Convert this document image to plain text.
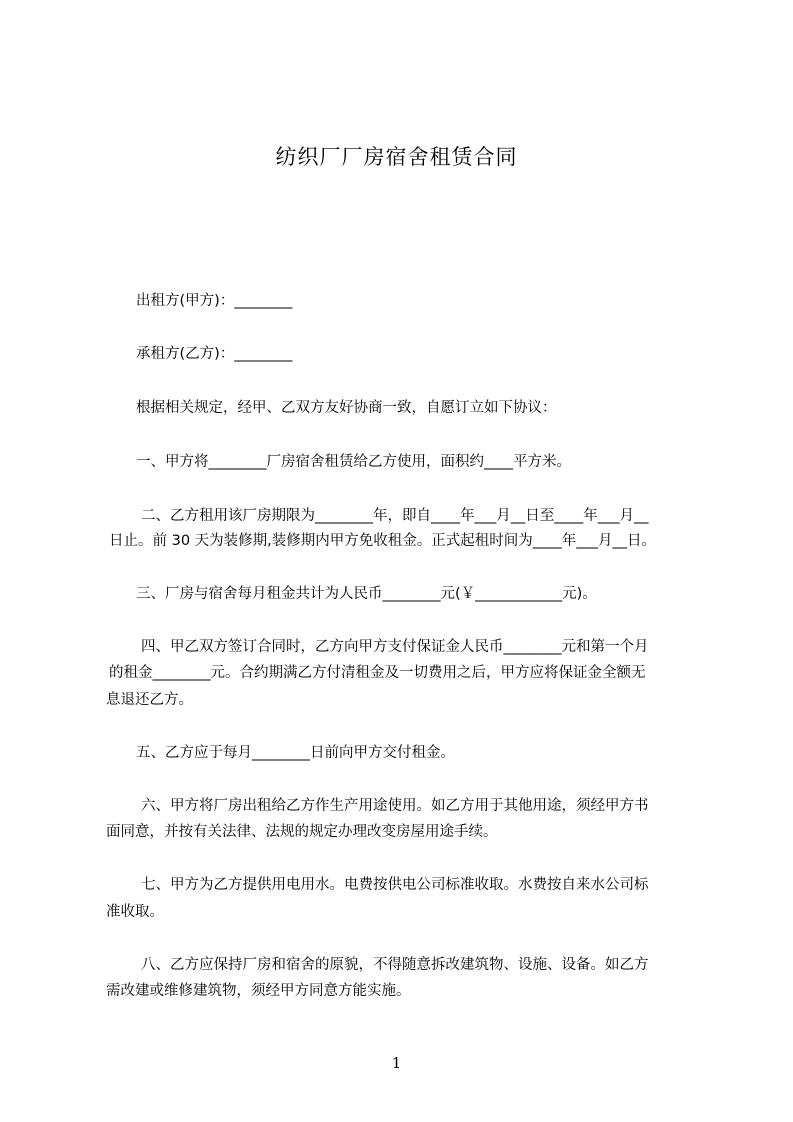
纺织厂厂房宿舍租赁合同
出租方(甲方)：________
承租方(乙方)：________
根据相关规定，经甲、乙双方友好协商一致，自愿订立如下协议：
一、甲方将________厂房宿舍租赁给乙方使用，面积约____平方米。
二、乙方租用该厂房期限为________年，即自____年___月__日至____年___月__
日止。前 30 天为装修期,装修期内甲方免收租金。正式起租时间为____年___月__日。
三、厂房与宿舍每月租金共计为人民币________元(￥____________元)。
四、甲乙双方签订合同时，乙方向甲方支付保证金人民币________元和第一个月
的租金________元。合约期满乙方付清租金及一切费用之后，甲方应将保证金全额无
息退还乙方。
五、乙方应于每月________日前向甲方交付租金。
六、甲方将厂房出租给乙方作生产用途使用。如乙方用于其他用途，须经甲方书
面同意，并按有关法律、法规的规定办理改变房屋用途手续。
七、甲方为乙方提供用电用水。电费按供电公司标准收取。水费按自来水公司标
准收取。
八、乙方应保持厂房和宿舍的原貌，不得随意拆改建筑物、设施、设备。如乙方
需改建或维修建筑物，须经甲方同意方能实施。
1
